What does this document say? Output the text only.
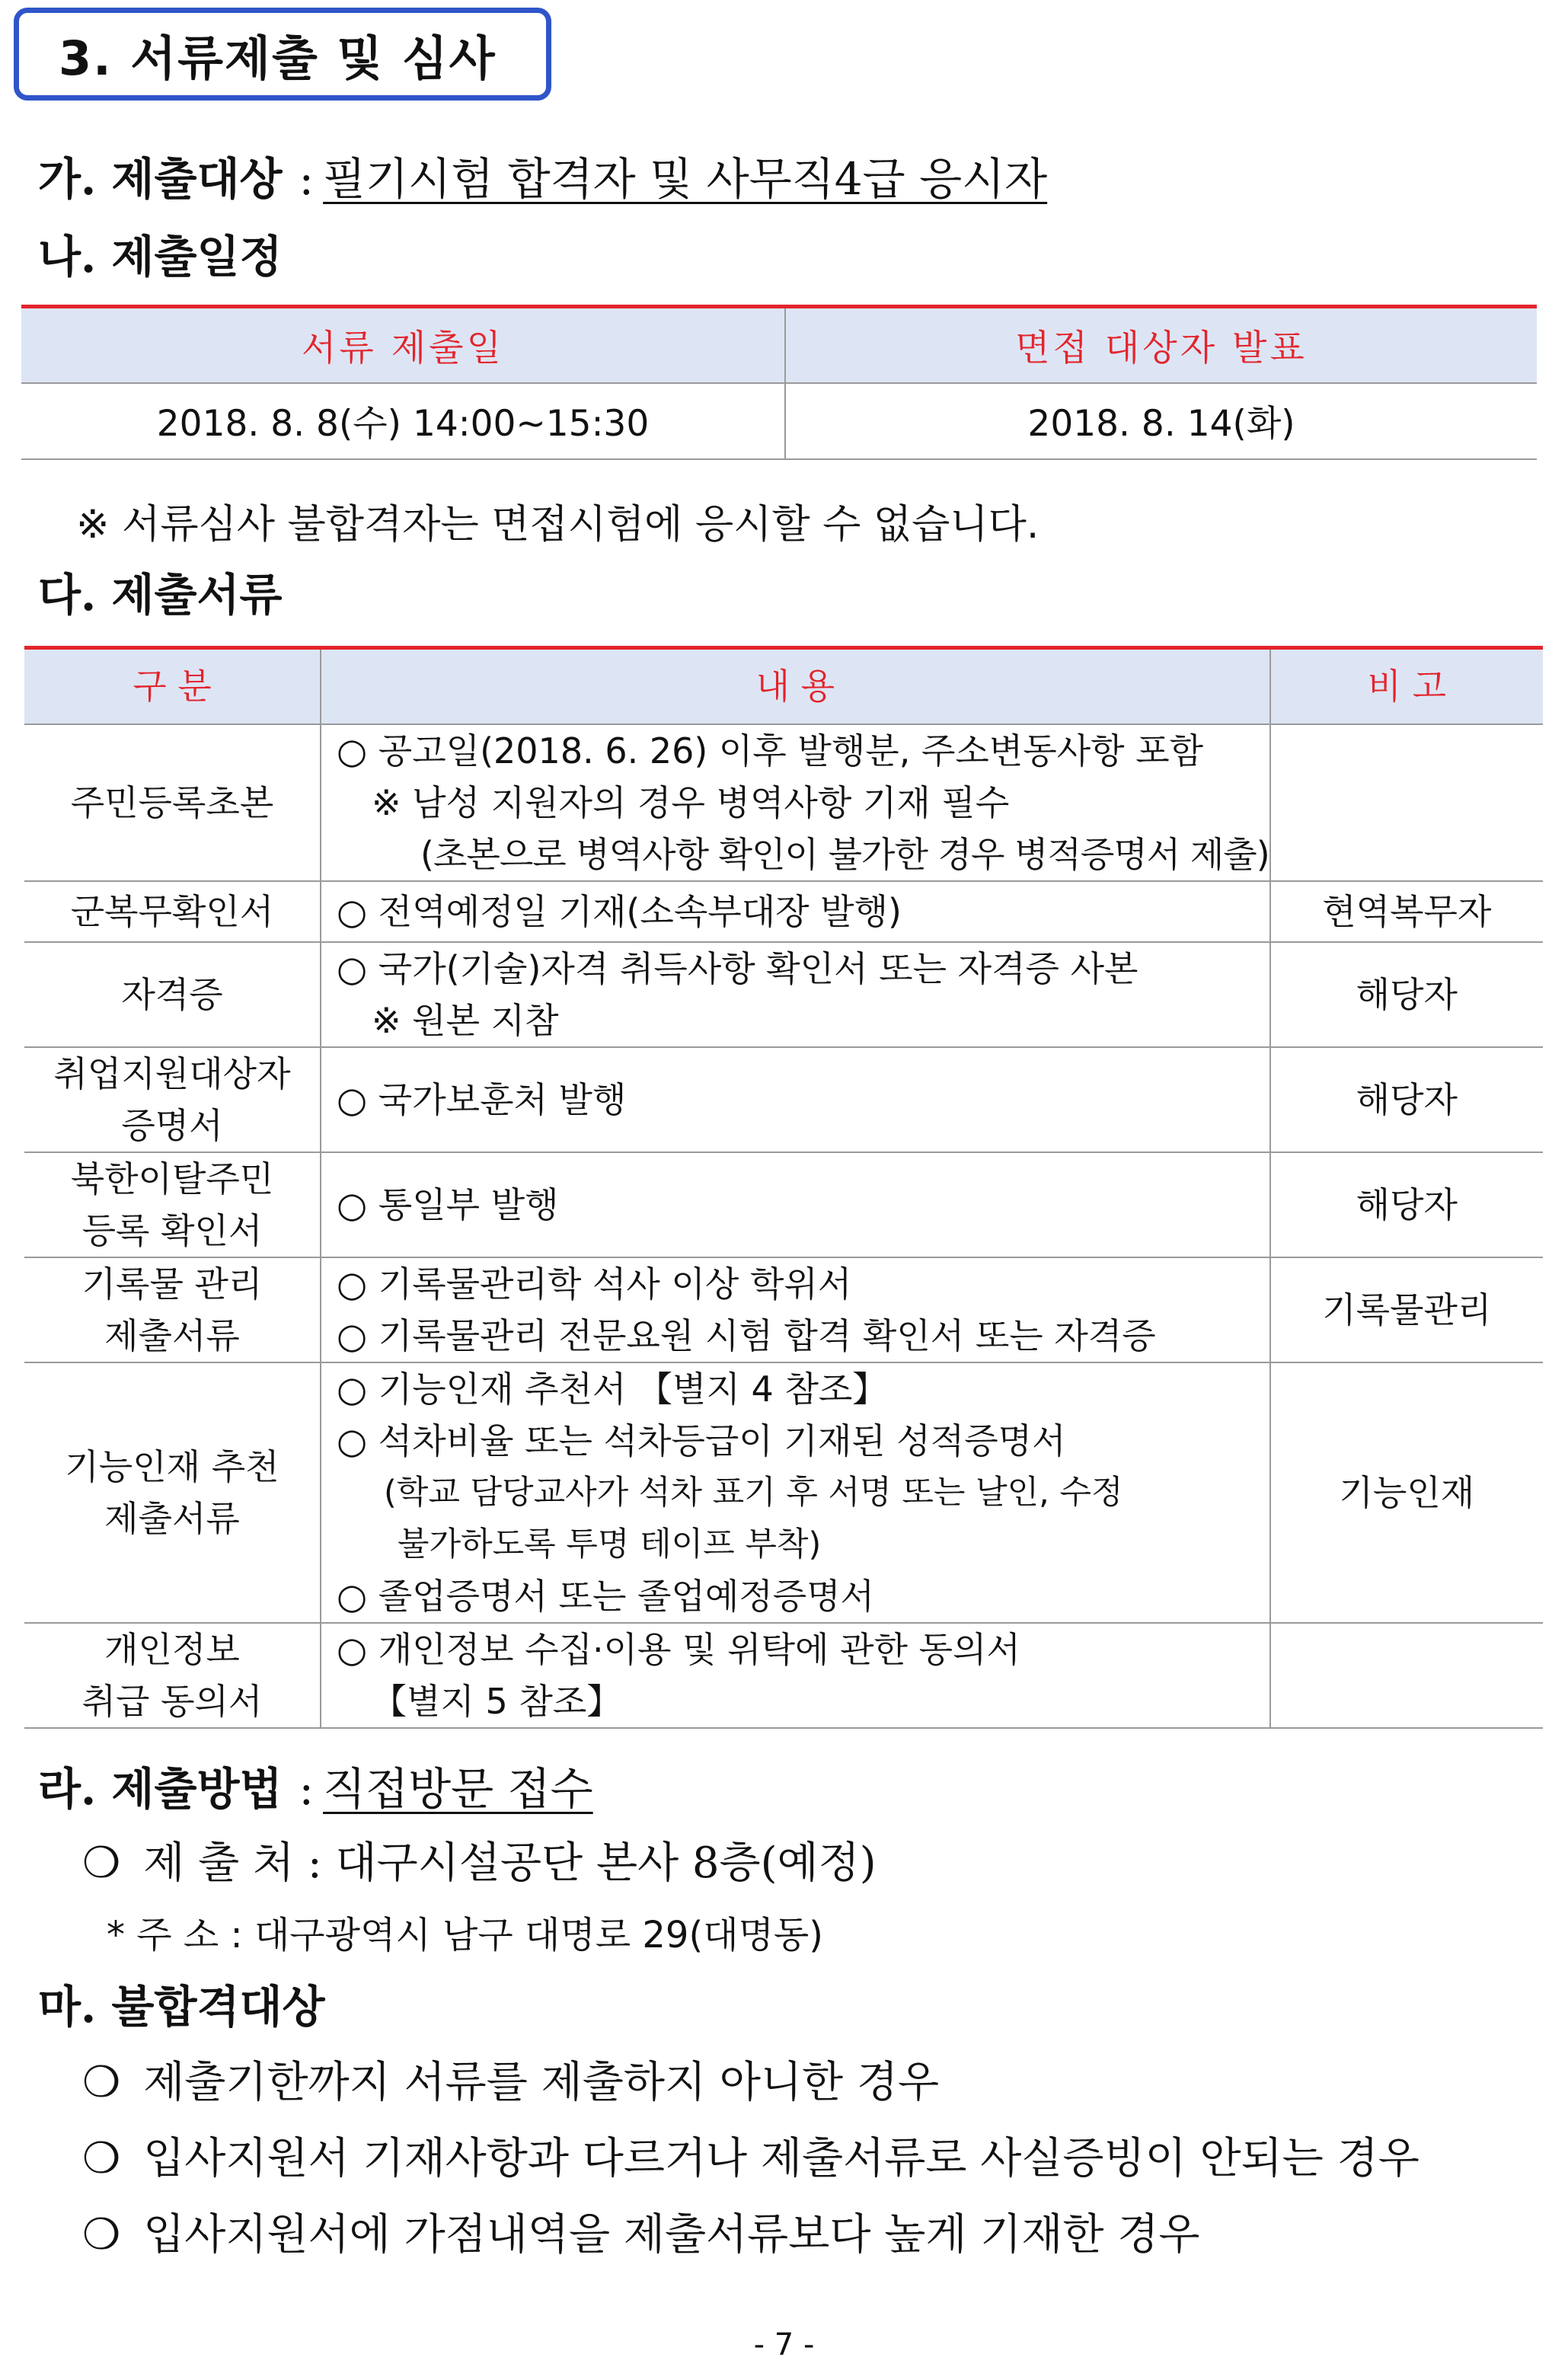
3. 서류제출 및 심사
가. 제출대상 : 필기시험 합격자 및 사무직4급 응시자
나. 제출일정
서류 제출일	면접 대상자 발표
2018. 8. 8(수) 14:00~15:30	2018. 8. 14(화)
※ 서류심사 불합격자는 면접시험에 응시할 수 없습니다.
다. 제출서류
구 분	내 용	비 고

주민등록초본	○ 공고일(2018. 6. 26) 이후 발행분, 주소변동사항 포함
※ 남성 지원자의 경우 병역사항 기재 필수
(초본으로 병역사항 확인이 불가한 경우 병적증명서 제출)	

군복무확인서	○ 전역예정일 기재(소속부대장 발행)	현역복무자

자격증	○ 국가(기술)자격 취득사항 확인서 또는 자격증 사본
※ 원본 지참	해당자

취업지원대상자
증명서	○ 국가보훈처 발행	해당자

북한이탈주민
등록 확인서	○ 통일부 발행	해당자

기록물 관리
제출서류	○ 기록물관리학 석사 이상 학위서
○ 기록물관리 전문요원 시험 합격 확인서 또는 자격증	기록물관리

기능인재 추천
제출서류	○ 기능인재 추천서 【별지 4 참조】
○ 석차비율 또는 석차등급이 기재된 성적증명서
(학교 담당교사가 석차 표기 후 서명 또는 날인, 수정
불가하도록 투명 테이프 부착)
○ 졸업증명서 또는 졸업예정증명서	기능인재

개인정보
취급 동의서	○ 개인정보 수집·이용 및 위탁에 관한 동의서
【별지 5 참조】	

라. 제출방법 : 직접방문 접수
❍ 제 출 처 : 대구시설공단 본사 8층(예정)
* 주 소 : 대구광역시 남구 대명로 29(대명동)
마. 불합격대상
❍ 제출기한까지 서류를 제출하지 아니한 경우
❍ 입사지원서 기재사항과 다르거나 제출서류로 사실증빙이 안되는 경우
❍ 입사지원서에 가점내역을 제출서류보다 높게 기재한 경우
- 7 -
